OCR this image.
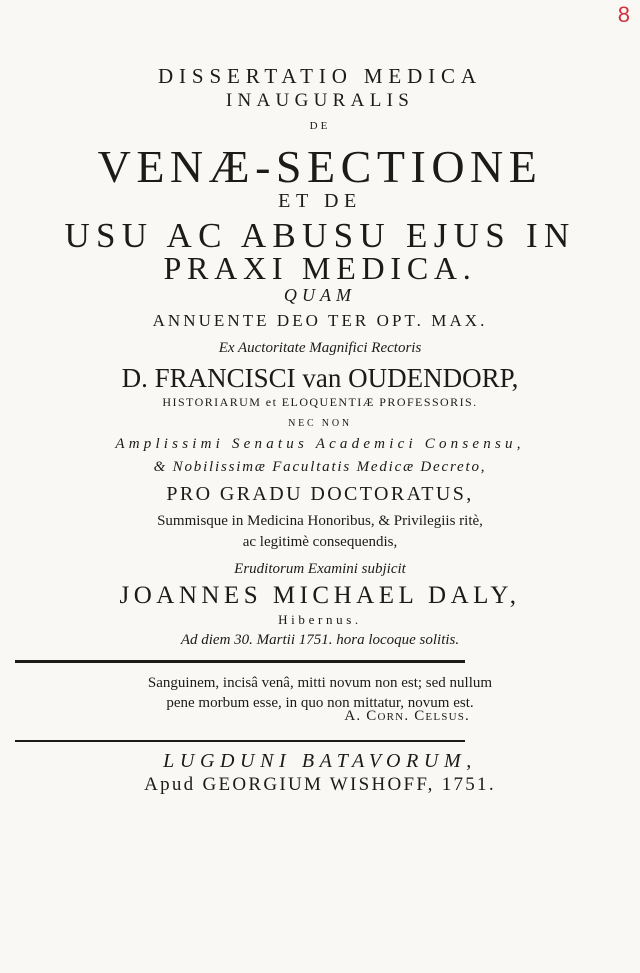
8
DISSERTATIO MEDICA
INAUGURALIS
DE
VENÆ-SECTIONE
ET DE
USU AC ABUSU EJUS IN
PRAXI MEDICA.
QUAM
ANNUENTE DEO TER OPT. MAX.
Ex Auctoritate Magnifici Rectoris
D. FRANCISCI van OUDENDORP,
HISTORIARUM et ELOQUENTIÆ PROFESSORIS.
NEC NON
Amplissimi Senatus Academici Consensu,
& Nobilissimæ Facultatis Medicæ Decreto,
PRO GRADU DOCTORATUS,
Summisque in Medicina Honoribus, & Privilegiis ritè,
ac legitimè consequendis,
Eruditorum Examini subjicit
JOANNES MICHAEL DALY,
Hibernus.
Ad diem 30. Martii 1751. hora locoque solitis.
Sanguinem, incisâ venâ, mitti novum non est; sed nullum
pene morbum esse, in quo non mittatur, novum est.
A. Corn. Celsus.
LUGDUNI BATAVORUM,
Apud GEORGIUM WISHOFF, 1751.
